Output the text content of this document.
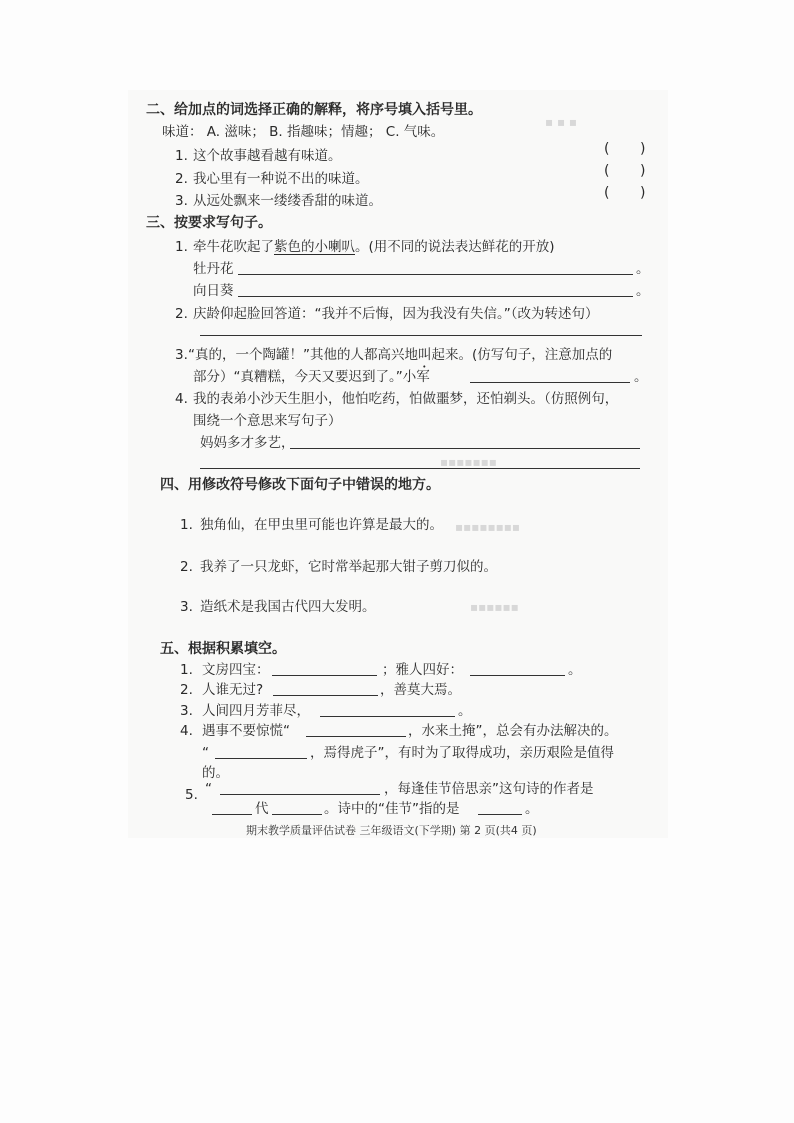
▪ ▪ ▪
▪▪▪▪▪▪▪
▪▪▪▪▪▪▪▪
▪▪▪▪▪▪
二、给加点的词选择正确的解释，将序号填入括号里。
味道： A. 滋味； B. 指趣味；情趣； C. 气味。
1. 这个故事越看越有味道。	( )
2. 我心里有一种说不出的味道。	( )
3. 从远处飘来一缕缕香甜的味道。	( )
三、按要求写句子。
1. 牵牛花吹起了紫色的小喇叭。(用不同的说法表达鲜花的开放)
牡丹花	。
向日葵	。
2. 庆龄仰起脸回答道：“我并不后悔，因为我没有失信。”（改为转述句）
3. “真的，一个陶罐！”其他的人都高兴地叫起来。(仿写句子，注意加点的
部分）“真糟糕，今天又要迟到了。”小军	。
4. 我的表弟小沙天生胆小，他怕吃药，怕做噩梦，还怕剃头。（仿照例句，
围绕一个意思来写句子）
妈妈多才多艺，
四、用修改符号修改下面句子中错误的地方。
1. 独角仙，在甲虫里可能也许算是最大的。
2. 我养了一只龙虾，它时常举起那大钳子剪刀似的。
3. 造纸术是我国古代四大发明。
五、根据积累填空。
1. 文房四宝：	；雅人四好：	。
2. 人谁无过?	，善莫大焉。
3. 人间四月芳菲尽，	。
4. 遇事不要惊慌“	，水来土掩”，总会有办法解决的。
“	，焉得虎子”，有时为了取得成功，亲历艰险是值得
的。
5. “	，每逢佳节倍思亲”这句诗的作者是
代	。诗中的“佳节”指的是	。
期末教学质量评估试卷 三年级语文(下学期) 第 2 页(共4 页)
